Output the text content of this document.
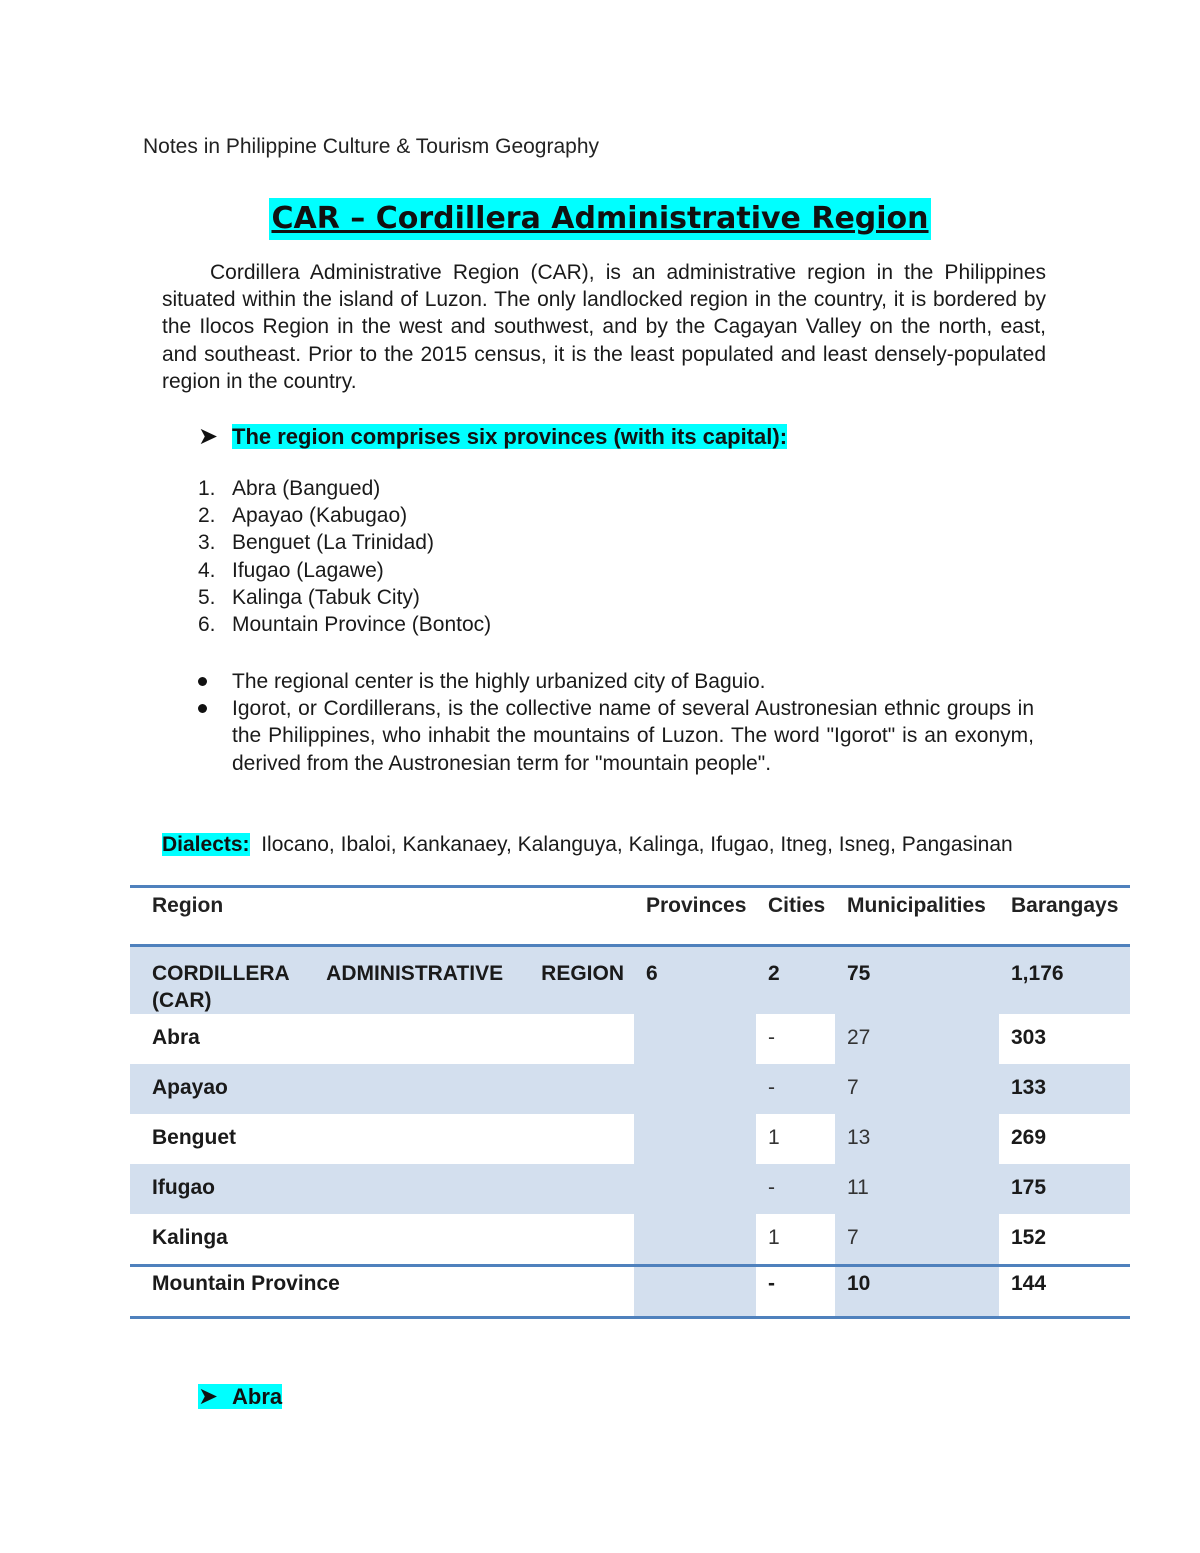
Notes in Philippine Culture & Tourism Geography
CAR – Cordillera Administrative Region

Cordillera Administrative Region (CAR), is an administrative region in the Philippines situated within the island of Luzon. The only landlocked region in the country, it is bordered by the Ilocos Region in the west and southwest, and by the Cagayan Valley on the north, east, and southeast. Prior to the 2015 census, it is the least populated and least densely-populated region in the country.

➤ The region comprises six provinces (with its capital):
1. Abra (Bangued)
2. Apayao (Kabugao)
3. Benguet (La Trinidad)
4. Ifugao (Lagawe)
5. Kalinga (Tabuk City)
6. Mountain Province (Bontoc)
The regional center is the highly urbanized city of Baguio.
Igorot, or Cordillerans, is the collective name of several Austronesian ethnic groups in the Philippines, who inhabit the mountains of Luzon. The word "Igorot" is an exonym, derived from the Austronesian term for "mountain people".

Dialects: Ilocano, Ibaloi, Kankanaey, Kalanguya, Kalinga, Ifugao, Itneg, Isneg, Pangasinan

Region	Provinces	Cities	Municipalities	Barangays
CORDILLERA ADMINISTRATIVE REGION (CAR)	6	2	75	1,176
Abra		-	27	303
Apayao		-	7	133
Benguet		1	13	269
Ifugao		-	11	175
Kalinga		1	7	152
Mountain Province		-	10	144
➤ Abra
